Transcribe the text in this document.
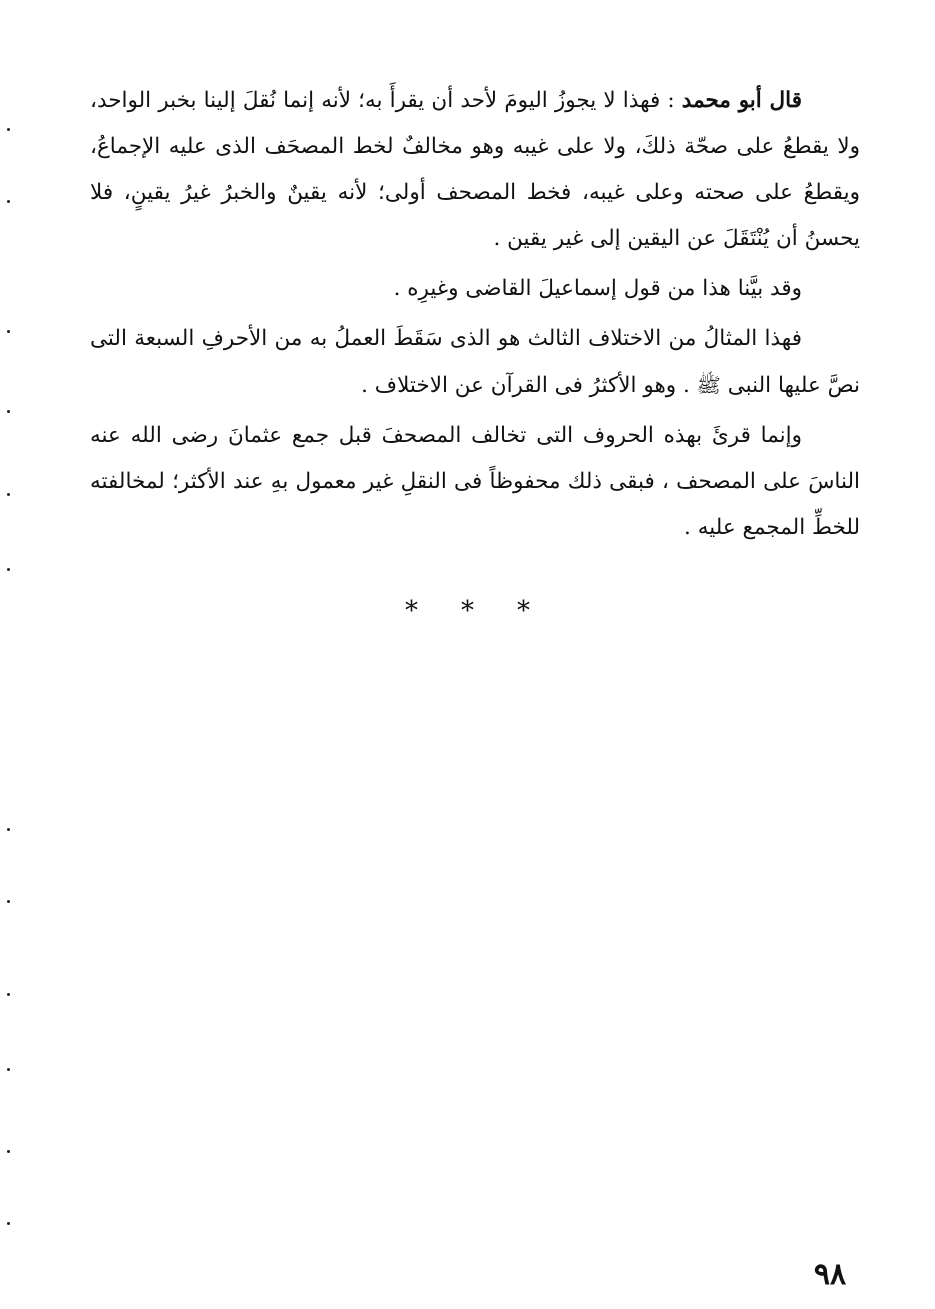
قال أبو محمد : فهذا لا يجوزُ اليومَ لأحد أن يقرأَ به؛ لأنه إنما نُقلَ إلينا بخبر الواحد، ولا يقطعُ على صحّة ذلكَ، ولا على غيبه وهو مخالفٌ لخط المصحَف الذى عليه الإجماعُ، ويقطعُ على صحته وعلى غيبه، فخط المصحف أولى؛ لأنه يقينٌ والخبرُ غيرُ يقينٍ، فلا يحسنُ أن يُنْتَقَلَ عن اليقين إلى غير يقين .

وقد بيَّنا هذا من قول إسماعيلَ القاضى وغيرِه .

فهذا المثالُ من الاختلاف الثالث هو الذى سَقَطَ العملُ به من الأحرفِ السبعة التى نصَّ عليها النبى ﷺ . وهو الأكثرُ فى القرآن عن الاختلاف .

وإنما قرئَ بهذه الحروف التى تخالف المصحفَ قبل جمع عثمانَ رضى الله عنه الناسَ على المصحف ، فبقى ذلك محفوظاً فى النقلِ غير معمول بهِ عند الأكثر؛ لمخالفته للخطِّ المجمع عليه .

* * *
٩٨
